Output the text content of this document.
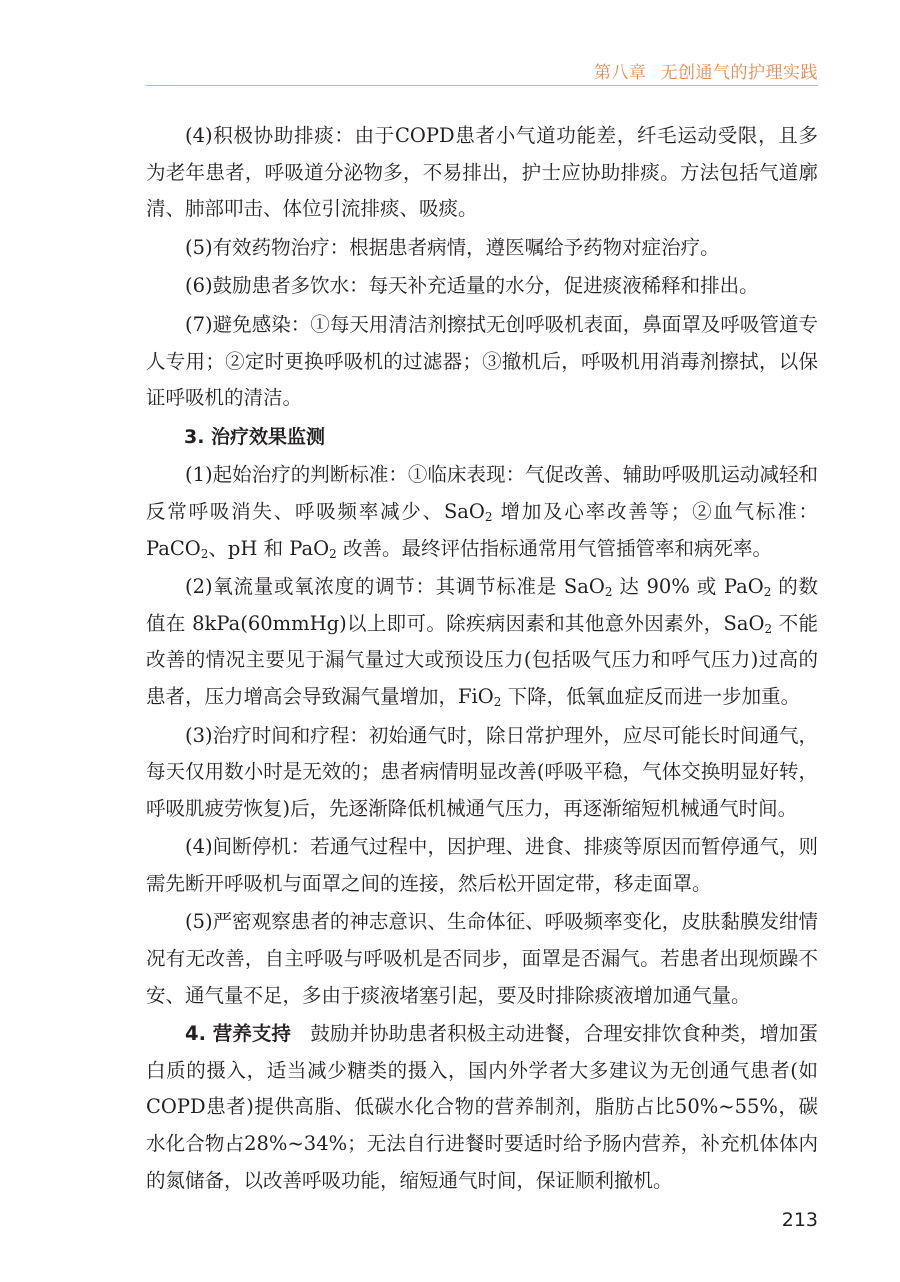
第八章 无创通气的护理实践

(4)积极协助排痰：由于COPD患者小气道功能差，纤毛运动受限，且多为老年患者，呼吸道分泌物多，不易排出，护士应协助排痰。方法包括气道廓清、肺部叩击、体位引流排痰、吸痰。

(5)有效药物治疗：根据患者病情，遵医嘱给予药物对症治疗。

(6)鼓励患者多饮水：每天补充适量的水分，促进痰液稀释和排出。

(7)避免感染：①每天用清洁剂擦拭无创呼吸机表面，鼻面罩及呼吸管道专人专用；②定时更换呼吸机的过滤器；③撤机后，呼吸机用消毒剂擦拭，以保证呼吸机的清洁。

3. 治疗效果监测

(1)起始治疗的判断标准：①临床表现：气促改善、辅助呼吸肌运动减轻和反常呼吸消失、呼吸频率减少、SaO$_2$ 增加及心率改善等；②血气标准：PaCO$_2$、pH 和 PaO$_2$ 改善。最终评估指标通常用气管插管率和病死率。

(2)氧流量或氧浓度的调节：其调节标准是 SaO$_2$ 达 90% 或 PaO$_2$ 的数值在 8kPa(60mmHg)以上即可。除疾病因素和其他意外因素外，SaO$_2$ 不能改善的情况主要见于漏气量过大或预设压力(包括吸气压力和呼气压力)过高的患者，压力增高会导致漏气量增加，FiO$_2$ 下降，低氧血症反而进一步加重。

(3)治疗时间和疗程：初始通气时，除日常护理外，应尽可能长时间通气，每天仅用数小时是无效的；患者病情明显改善(呼吸平稳，气体交换明显好转，呼吸肌疲劳恢复)后，先逐渐降低机械通气压力，再逐渐缩短机械通气时间。

(4)间断停机：若通气过程中，因护理、进食、排痰等原因而暂停通气，则需先断开呼吸机与面罩之间的连接，然后松开固定带，移走面罩。

(5)严密观察患者的神志意识、生命体征、呼吸频率变化，皮肤黏膜发绀情况有无改善，自主呼吸与呼吸机是否同步，面罩是否漏气。若患者出现烦躁不安、通气量不足，多由于痰液堵塞引起，要及时排除痰液增加通气量。

4. 营养支持　 鼓励并协助患者积极主动进餐，合理安排饮食种类，增加蛋白质的摄入，适当减少糖类的摄入，国内外学者大多建议为无创通气患者(如COPD患者)提供高脂、低碳水化合物的营养制剂，脂肪占比50%~55%，碳水化合物占28%~34%；无法自行进餐时要适时给予肠内营养，补充机体体内的氮储备，以改善呼吸功能，缩短通气时间，保证顺利撤机。

213
